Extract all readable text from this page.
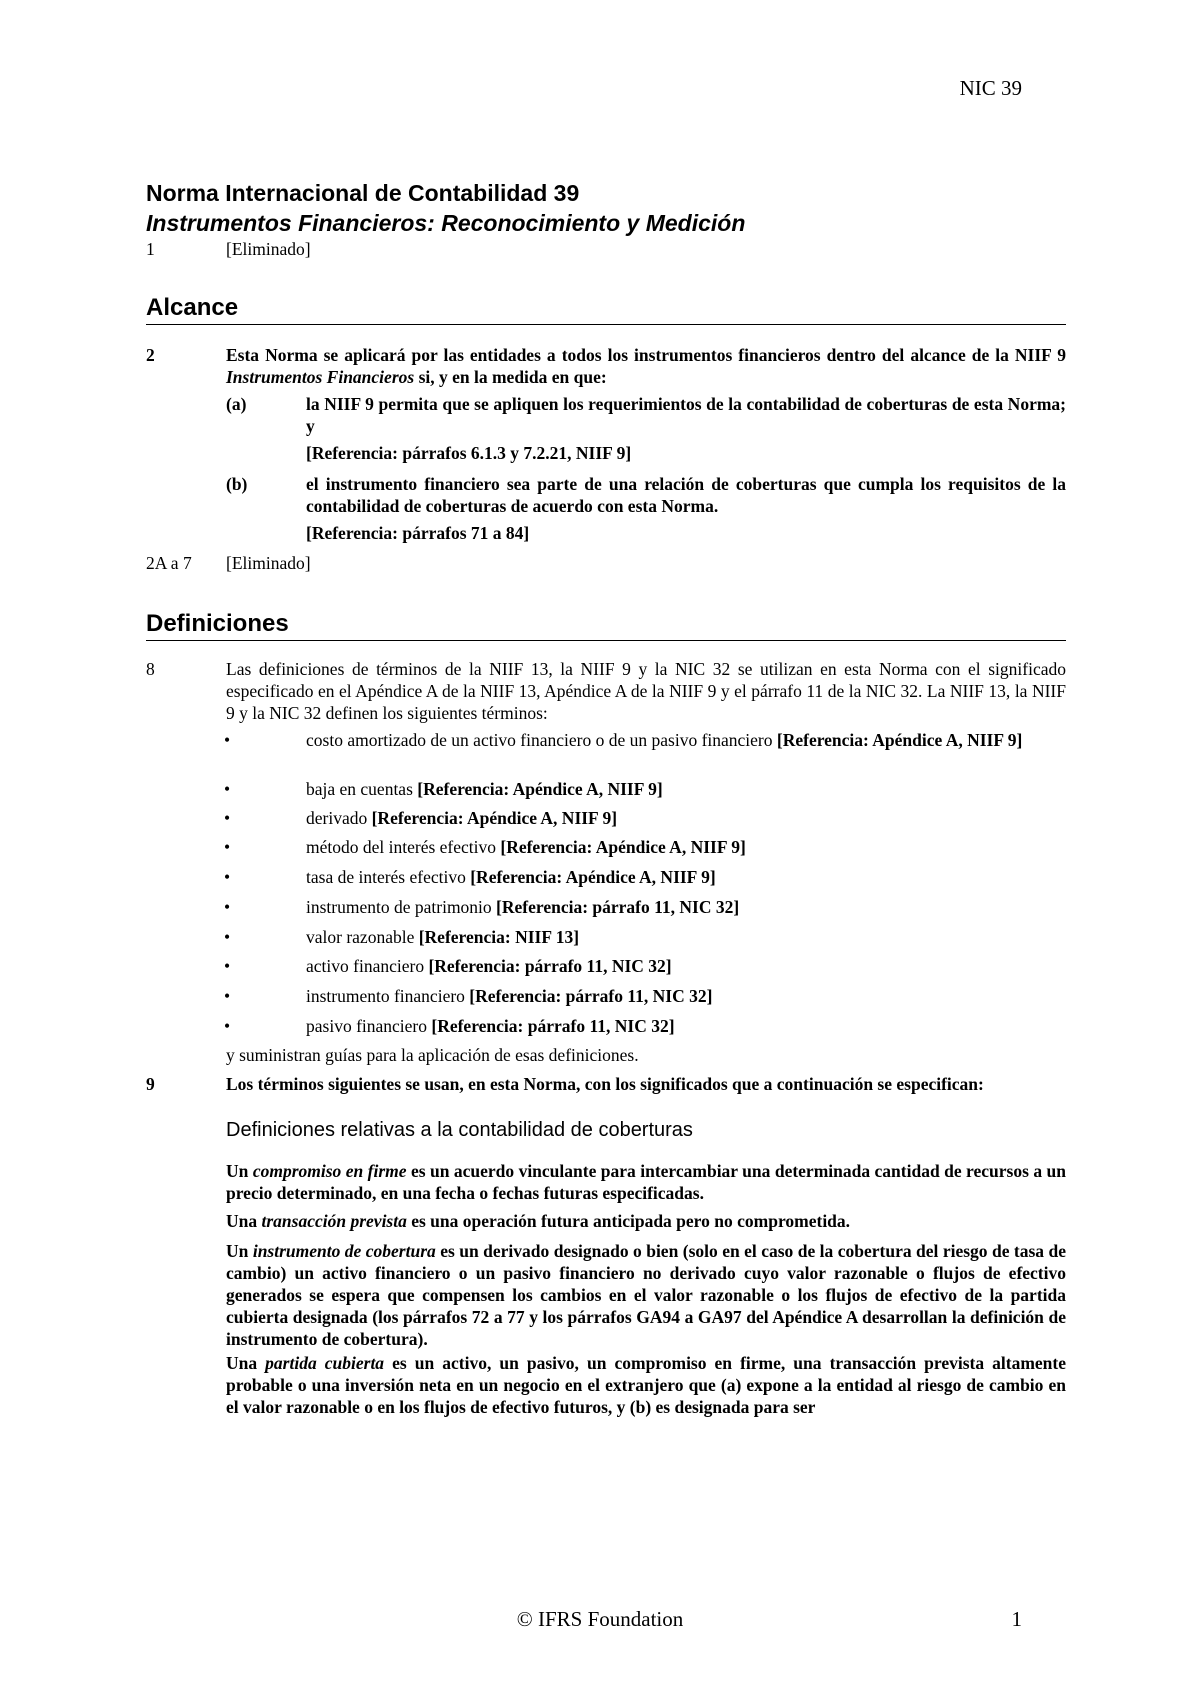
NIC 39
Norma Internacional de Contabilidad 39
Instrumentos Financieros: Reconocimiento y Medición
1	[Eliminado]
Alcance
2	Esta Norma se aplicará por las entidades a todos los instrumentos financieros dentro del alcance de la NIIF 9 Instrumentos Financieros si, y en la medida en que:
(a)	la NIIF 9 permita que se apliquen los requerimientos de la contabilidad de coberturas de esta Norma; y
[Referencia: párrafos 6.1.3 y 7.2.21, NIIF 9]
(b)	el instrumento financiero sea parte de una relación de coberturas que cumpla los requisitos de la contabilidad de coberturas de acuerdo con esta Norma.
[Referencia: párrafos 71 a 84]
2A a 7 [Eliminado]
Definiciones
8	Las definiciones de términos de la NIIF 13, la NIIF 9 y la NIC 32 se utilizan en esta Norma con el significado especificado en el Apéndice A de la NIIF 13, Apéndice A de la NIIF 9 y el párrafo 11 de la NIC 32. La NIIF 13, la NIIF 9 y la NIC 32 definen los siguientes términos:
•	costo amortizado de un activo financiero o de un pasivo financiero [Referencia: Apéndice A, NIIF 9]
•	baja en cuentas [Referencia: Apéndice A, NIIF 9]
•	derivado [Referencia: Apéndice A, NIIF 9]
•	método del interés efectivo [Referencia: Apéndice A, NIIF 9]
•	tasa de interés efectivo [Referencia: Apéndice A, NIIF 9]
•	instrumento de patrimonio [Referencia: párrafo 11, NIC 32]
•	valor razonable [Referencia: NIIF 13]
•	activo financiero [Referencia: párrafo 11, NIC 32]
•	instrumento financiero [Referencia: párrafo 11, NIC 32]
•	pasivo financiero [Referencia: párrafo 11, NIC 32]
y suministran guías para la aplicación de esas definiciones.
9	Los términos siguientes se usan, en esta Norma, con los significados que a continuación se especifican:
Definiciones relativas a la contabilidad de coberturas
Un compromiso en firme es un acuerdo vinculante para intercambiar una determinada cantidad de recursos a un precio determinado, en una fecha o fechas futuras especificadas.
Una transacción prevista es una operación futura anticipada pero no comprometida.
Un instrumento de cobertura es un derivado designado o bien (solo en el caso de la cobertura del riesgo de tasa de cambio) un activo financiero o un pasivo financiero no derivado cuyo valor razonable o flujos de efectivo generados se espera que compensen los cambios en el valor razonable o los flujos de efectivo de la partida cubierta designada (los párrafos 72 a 77 y los párrafos GA94 a GA97 del Apéndice A desarrollan la definición de instrumento de cobertura).
Una partida cubierta es un activo, un pasivo, un compromiso en firme, una transacción prevista altamente probable o una inversión neta en un negocio en el extranjero que (a) expone a la entidad al riesgo de cambio en el valor razonable o en los flujos de efectivo futuros, y (b) es designada para ser
© IFRS Foundation	1
